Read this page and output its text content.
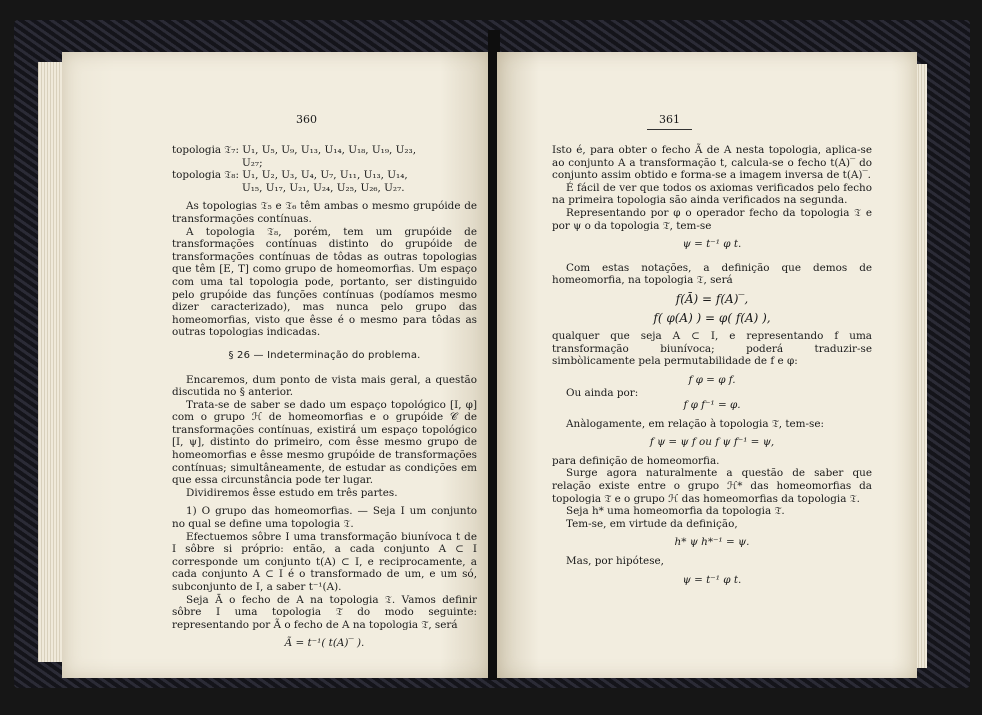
360

topologia 𝔗₇: U₁, U₅, U₉, U₁₃, U₁₄, U₁₈, U₁₉, U₂₃,

U₂₇;

topologia 𝔗₈: U₁, U₂, U₃, U₄, U₇, U₁₁, U₁₃, U₁₄,

U₁₅, U₁₇, U₂₁, U₂₄, U₂₅, U₂₆, U₂₇.

As topologias 𝔗₅ e 𝔗₆ têm ambas o mesmo grupóide de transformações contínuas.

A topologia 𝔗₈, porém, tem um grupóide de transformações contínuas distinto do grupóide de transformações contínuas de tôdas as outras topologias que têm [E, T] como grupo de homeomorfias. Um espaço com uma tal topologia pode, portanto, ser distinguido pelo grupóide das funções contínuas (podíamos mesmo dizer caracterizado), mas nunca pelo grupo das homeomorfias, visto que êsse é o mesmo para tôdas as outras topologias indicadas.

§ 26 — Indeterminação do problema.

Encaremos, dum ponto de vista mais geral, a questão discutida no § anterior.

Trata-se de saber se dado um espaço topológico [I, φ] com o grupo ℋ de homeomorfias e o grupóide 𝒞 de transformações contínuas, existirá um espaço topológico [I, ψ], distinto do primeiro, com êsse mesmo grupo de homeomorfias e êsse mesmo grupóide de transformações contínuas; simultâneamente, de estudar as condições em que essa circunstância pode ter lugar.

Dividiremos êsse estudo em três partes.

1) O grupo das homeomorfias. — Seja I um conjunto no qual se define uma topologia 𝔗.

Efectuemos sôbre I uma transformação biunívoca t de I sôbre si próprio: então, a cada conjunto A ⊂ I corresponde um conjunto t(A) ⊂ I, e reciprocamente, a cada conjunto A ⊂ I é o transformado de um, e um só, subconjunto de I, a saber t⁻¹(A).

Seja Ā o fecho de A na topologia 𝔗. Vamos definir sôbre I uma topologia 𝔗̃ do modo seguinte: representando por Ã o fecho de A na topologia 𝔗̃, será

Ã = t⁻¹( t(A)‾ ).

361

Isto é, para obter o fecho Ã de A nesta topologia, aplica-se ao conjunto A a transformação t, calcula-se o fecho t(A)‾ do conjunto assim obtido e forma-se a imagem inversa de t(A)‾.

É fácil de ver que todos os axiomas verificados pelo fecho na primeira topologia são ainda verificados na segunda.

Representando por φ o operador fecho da topologia 𝔗 e por ψ o da topologia 𝔗̃, tem-se

ψ = t⁻¹ φ t.

Com estas notações, a definição que demos de homeomorfia, na topologia 𝔗, será

f(Ā) = f(A)‾,

f( φ(A) ) = φ( f(A) ),

qualquer que seja A ⊂ I, e representando f uma transformação biunívoca; poderá traduzir-se simbòlicamente pela permutabilidade de f e φ:

f φ = φ f.

Ou ainda por:

f φ f⁻¹ = φ.

Anàlogamente, em relação à topologia 𝔗̃, tem-se:

f ψ = ψ f ou f ψ f⁻¹ = ψ,

para definição de homeomorfia.

Surge agora naturalmente a questão de saber que relação existe entre o grupo ℋ* das homeomorfias da topologia 𝔗̃ e o grupo ℋ das homeomorfias da topologia 𝔗.

Seja h* uma homeomorfia da topologia 𝔗̃.

Tem-se, em virtude da definição,

h* ψ h*⁻¹ = ψ.

Mas, por hipótese,

ψ = t⁻¹ φ t.
